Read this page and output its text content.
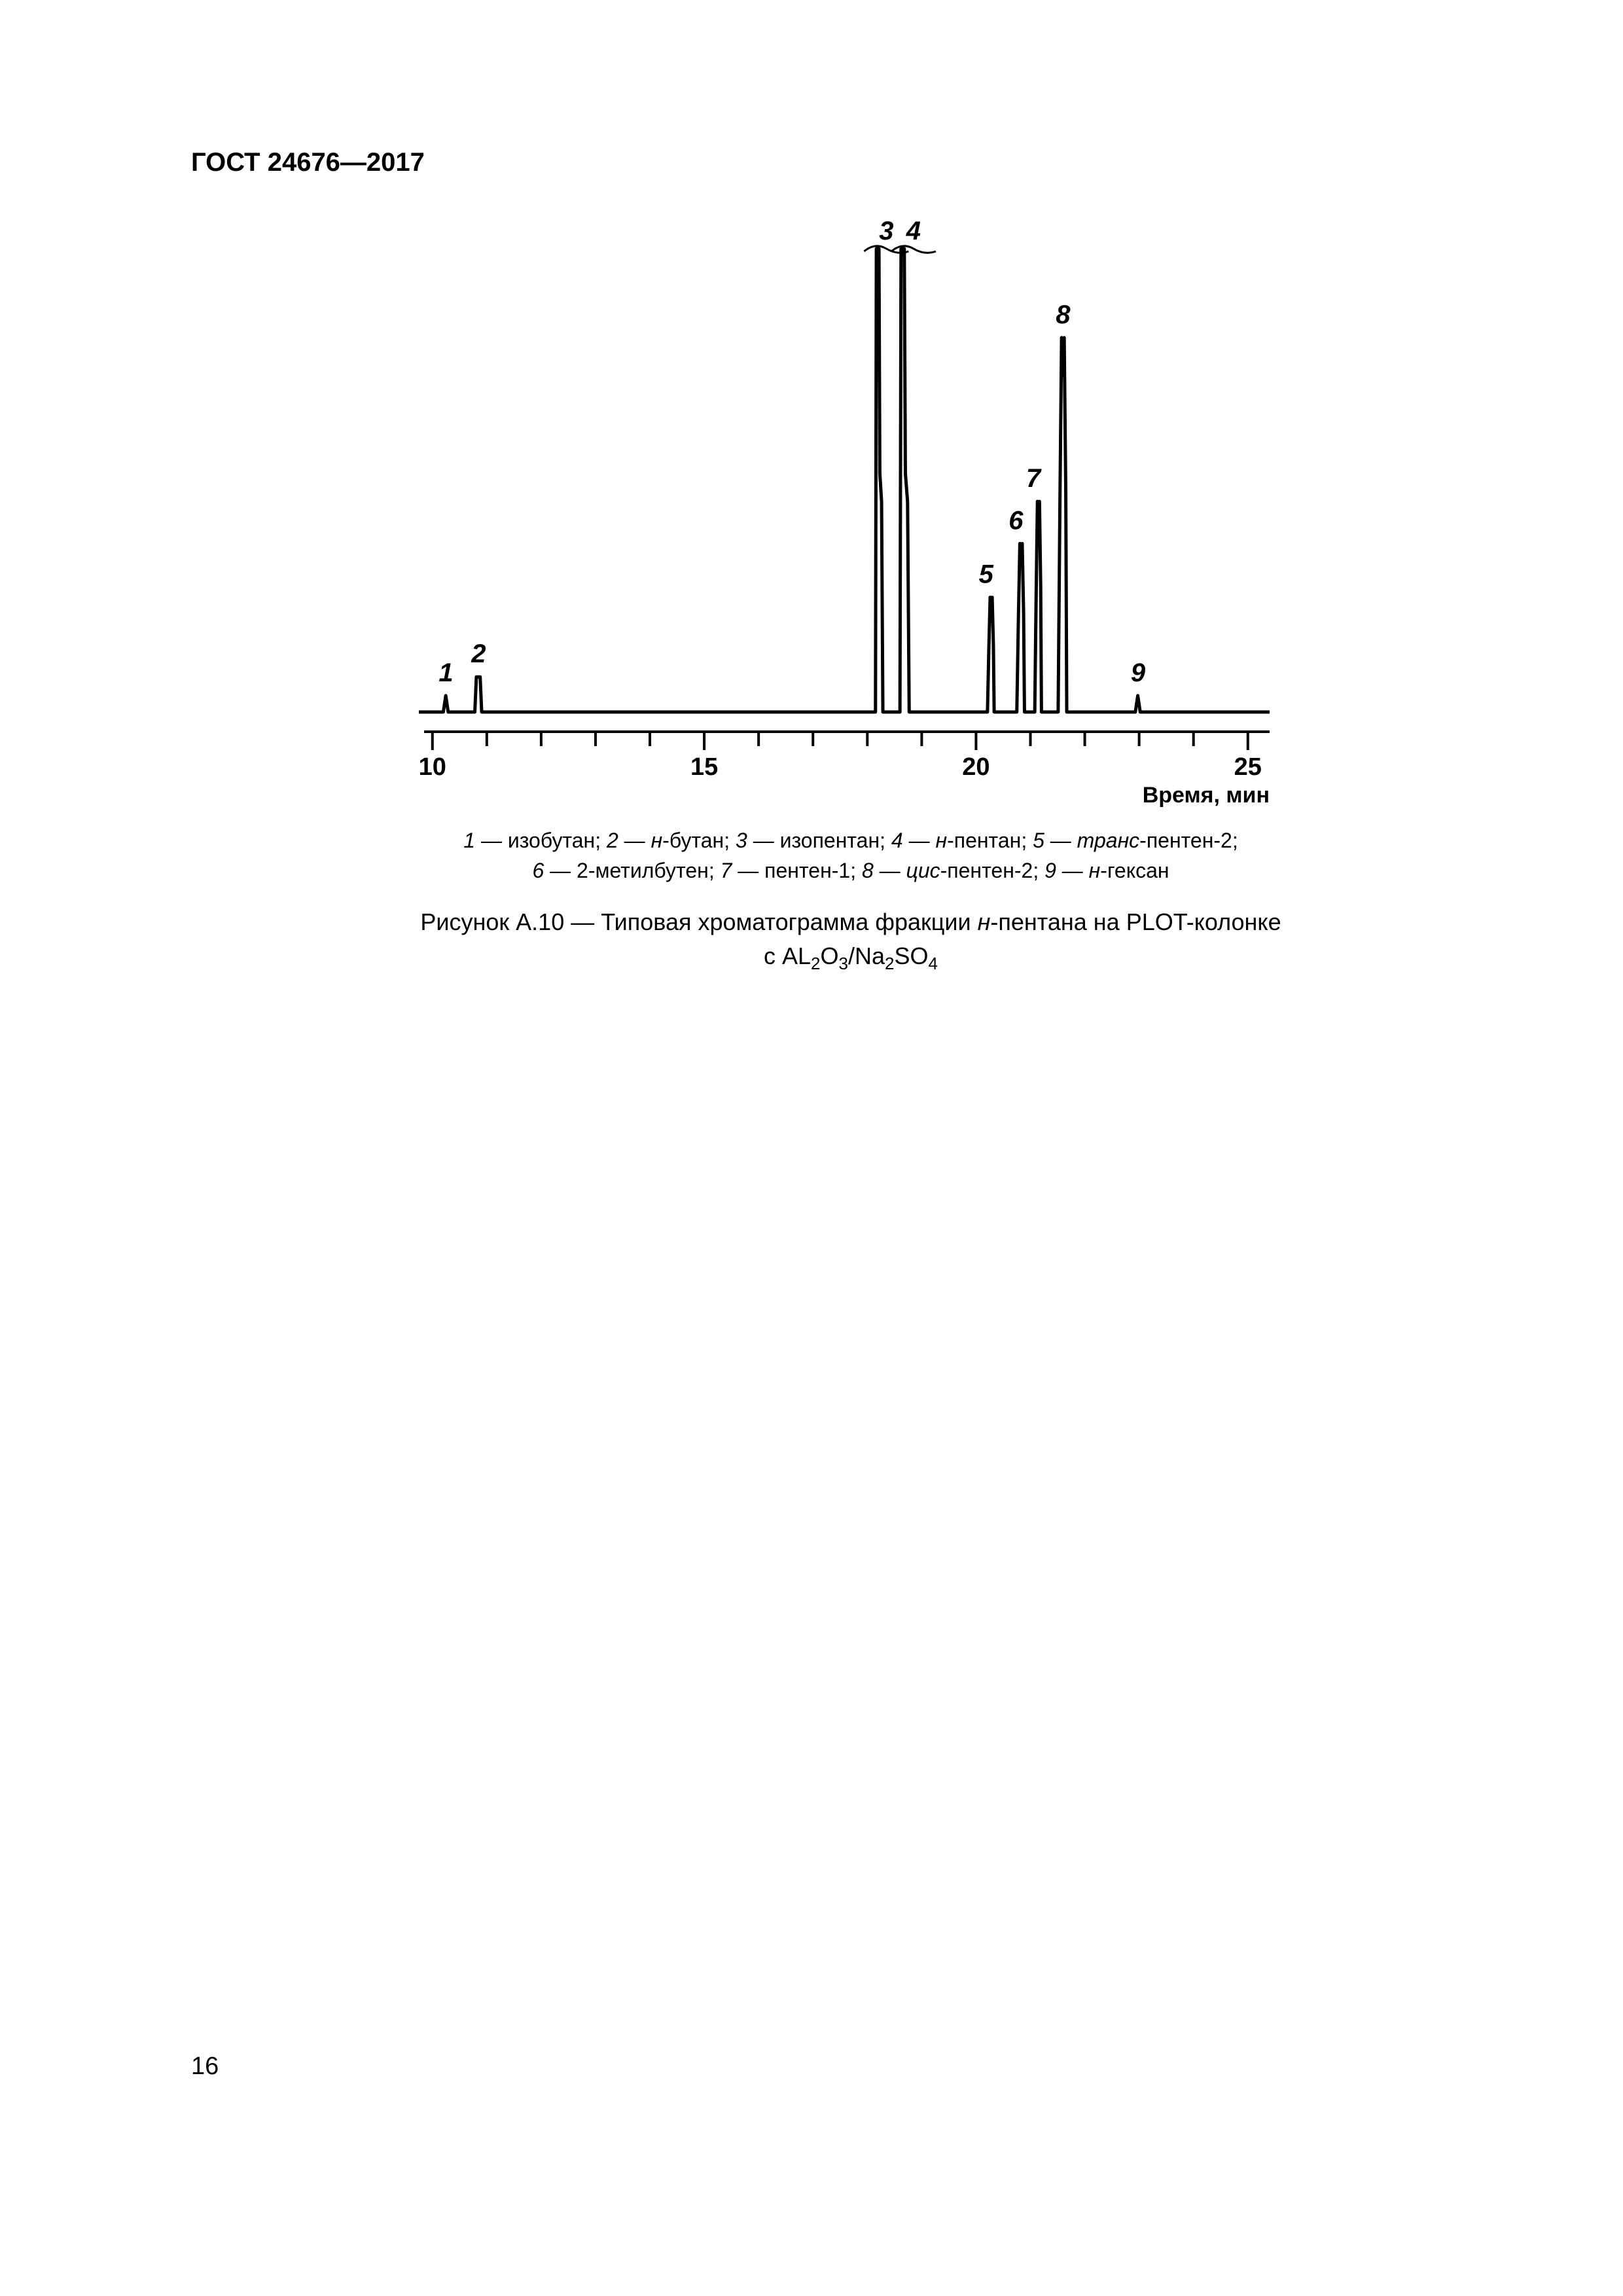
ГОСТ 24676—2017
10	15	20	25
Время, мин
1
2
3 4
5
6
7
8
9
1 — изобутан; 2 — н-бутан; 3 — изопентан; 4 — н-пентан; 5 — транс-пентен-2;
6 — 2-метилбутен; 7 — пентен-1; 8 — цис-пентен-2; 9 — н-гексан
Рисунок А.10 — Типовая хроматограмма фракции н-пентана на PLOT-колонке
с $AL_2O_3/Na_2SO_4$
16
